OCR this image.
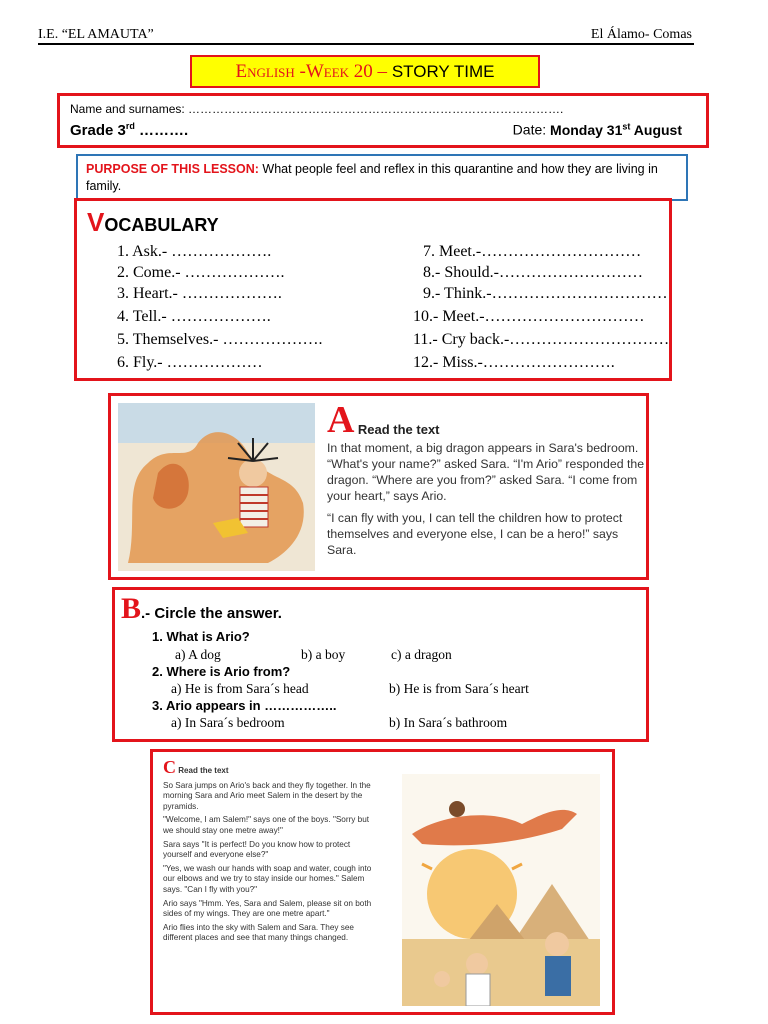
I.E. “EL AMAUTA”	El Álamo- Comas
English -Week 20 – STORY TIME
Name and surnames: ………………………………………………………………………………….
Grade 3rd ……….	Date: Monday 31st August
PURPOSE OF THIS LESSON: What people feel and reflex in this quarantine and how they are living in family.
VOCABULARY
1. Ask.- ……………….
2. Come.- ……………….
3. Heart.- ……………….
4. Tell.- ……………….
5. Themselves.- ……………….
6. Fly.- ………………
7. Meet.-…………………………
8.- Should.-………………………
9.- Think.-……………………………
10.- Meet.-…………………………
11.- Cry back.-…………………………
12.- Miss.-…………………….
A Read the text
In that moment, a big dragon appears in Sara's bedroom. “What's your name?” asked Sara. “I'm Ario” responded the dragon. “Where are you from?” asked Sara. “I come from your heart,” says Ario.
“I can fly with you, I can tell the children how to protect themselves and everyone else, I can be a hero!” says Sara.
B.- Circle the answer.
1. What is Ario?
a) A dog	b) a boy	c) a dragon
2. Where is Ario from?
a) He is from Sara´s head	b) He is from Sara´s heart
3. Ario appears in ……………..
a) In Sara´s bedroom	b) In Sara´s bathroom
C Read the text

So Sara jumps on Ario's back and they fly together. In the morning Sara and Ario meet Salem in the desert by the pyramids.

"Welcome, I am Salem!" says one of the boys. "Sorry but we should stay one metre away!"

Sara says "It is perfect! Do you know how to protect yourself and everyone else?"

"Yes, we wash our hands with soap and water, cough into our elbows and we try to stay inside our homes." Salem says. "Can I fly with you?"

Ario says "Hmm. Yes, Sara and Salem, please sit on both sides of my wings. They are one metre apart."

Ario flies into the sky with Salem and Sara. They see different places and see that many things changed.
